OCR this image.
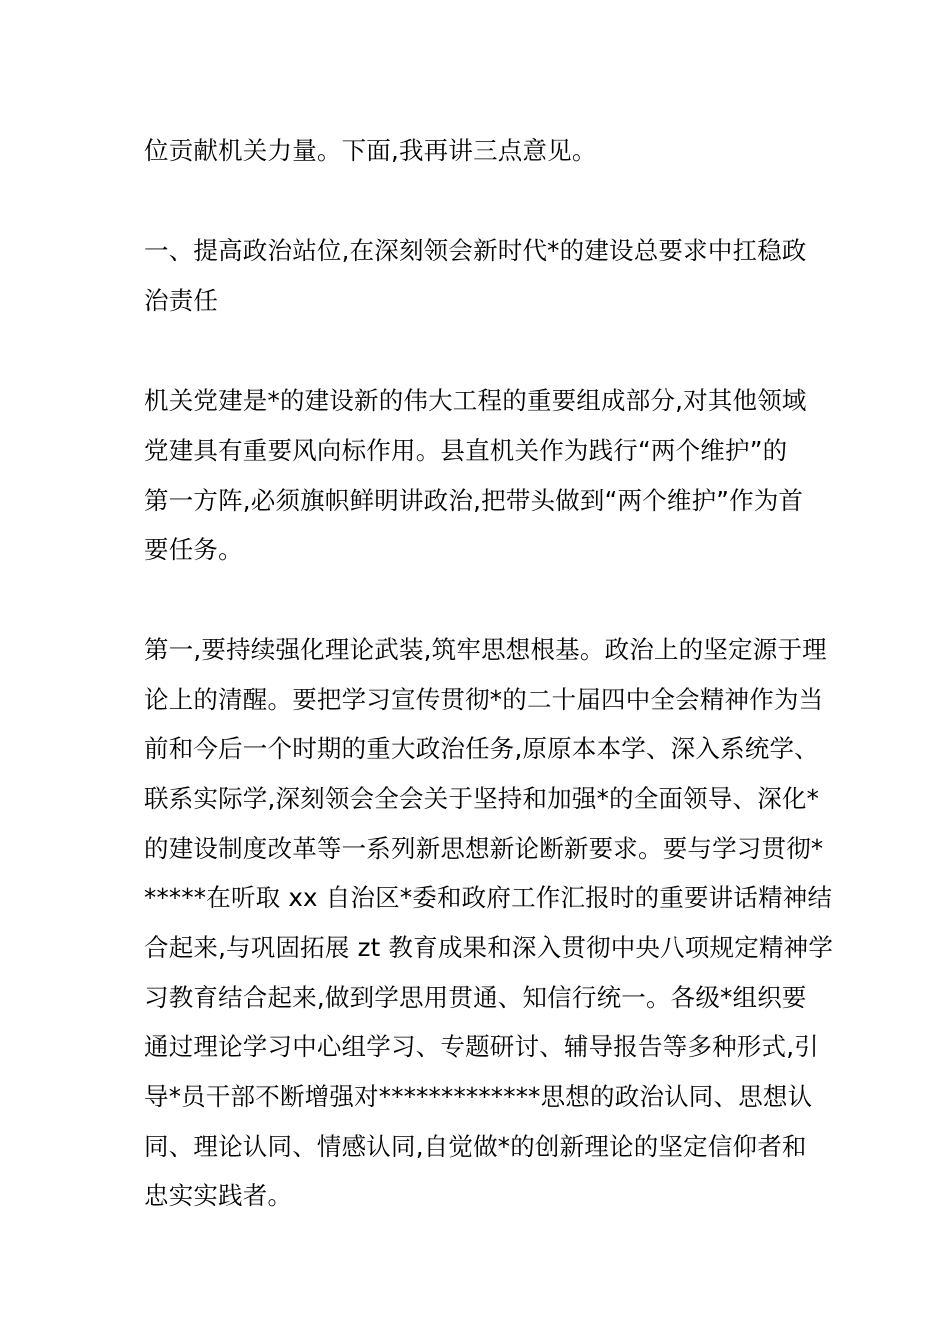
位贡献机关力量。下面,我再讲三点意见。
一、提高政治站位,在深刻领会新时代*的建设总要求中扛稳政
治责任
机关党建是*的建设新的伟大工程的重要组成部分,对其他领域
党建具有重要风向标作用。县直机关作为践行“两个维护”的
第一方阵,必须旗帜鲜明讲政治,把带头做到“两个维护”作为首
要任务。
第一,要持续强化理论武装,筑牢思想根基。政治上的坚定源于理
论上的清醒。要把学习宣传贯彻*的二十届四中全会精神作为当
前和今后一个时期的重大政治任务,原原本本学、深入系统学、
联系实际学,深刻领会全会关于坚持和加强*的全面领导、深化*
的建设制度改革等一系列新思想新论断新要求。要与学习贯彻*
*****在听取 xx 自治区*委和政府工作汇报时的重要讲话精神结
合起来,与巩固拓展 zt 教育成果和深入贯彻中央八项规定精神学
习教育结合起来,做到学思用贯通、知信行统一。各级*组织要
通过理论学习中心组学习、专题研讨、辅导报告等多种形式,引
导*员干部不断增强对*************思想的政治认同、思想认
同、理论认同、情感认同,自觉做*的创新理论的坚定信仰者和
忠实实践者。
